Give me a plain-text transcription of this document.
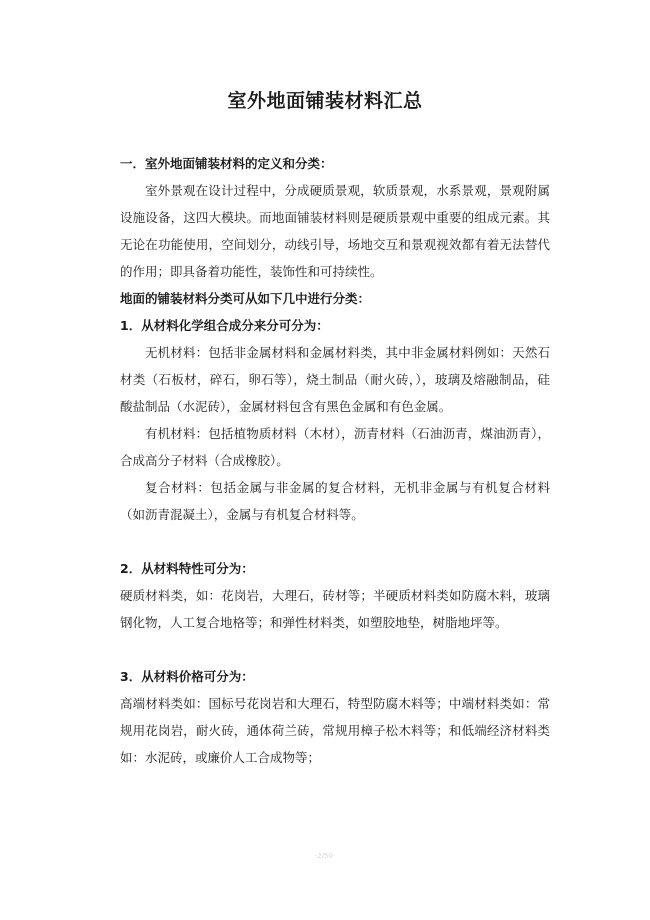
室外地面铺装材料汇总

一．室外地面铺装材料的定义和分类：

室外景观在设计过程中，分成硬质景观，软质景观，水系景观，景观附属设施设备，这四大模块。而地面铺装材料则是硬质景观中重要的组成元素。其无论在功能使用，空间划分，动线引导，场地交互和景观视效都有着无法替代的作用；即具备着功能性，装饰性和可持续性。

地面的铺装材料分类可从如下几中进行分类：

1．从材料化学组合成分来分可分为：

无机材料：包括非金属材料和金属材料类，其中非金属材料例如：天然石材类（石板材，碎石，卵石等），烧土制品（耐火砖，），玻璃及熔融制品，硅酸盐制品（水泥砖），金属材料包含有黑色金属和有色金属。

有机材料：包括植物质材料（木材），沥青材料（石油沥青，煤油沥青），合成高分子材料（合成橡胶）。

复合材料：包括金属与非金属的复合材料，无机非金属与有机复合材料（如沥青混凝土），金属与有机复合材料等。

2．从材料特性可分为：

硬质材料类，如：花岗岩，大理石，砖材等；半硬质材料类如防腐木料，玻璃钢化物，人工复合地格等；和弹性材料类，如塑胶地垫，树脂地坪等。

3．从材料价格可分为：

高端材料类如：国标号花岗岩和大理石，特型防腐木料等；中端材料类如：常规用花岗岩，耐火砖，通体荷兰砖，常规用樟子松木料等；和低端经济材料类如：水泥砖，或廉价人工合成物等；

·2/50·
